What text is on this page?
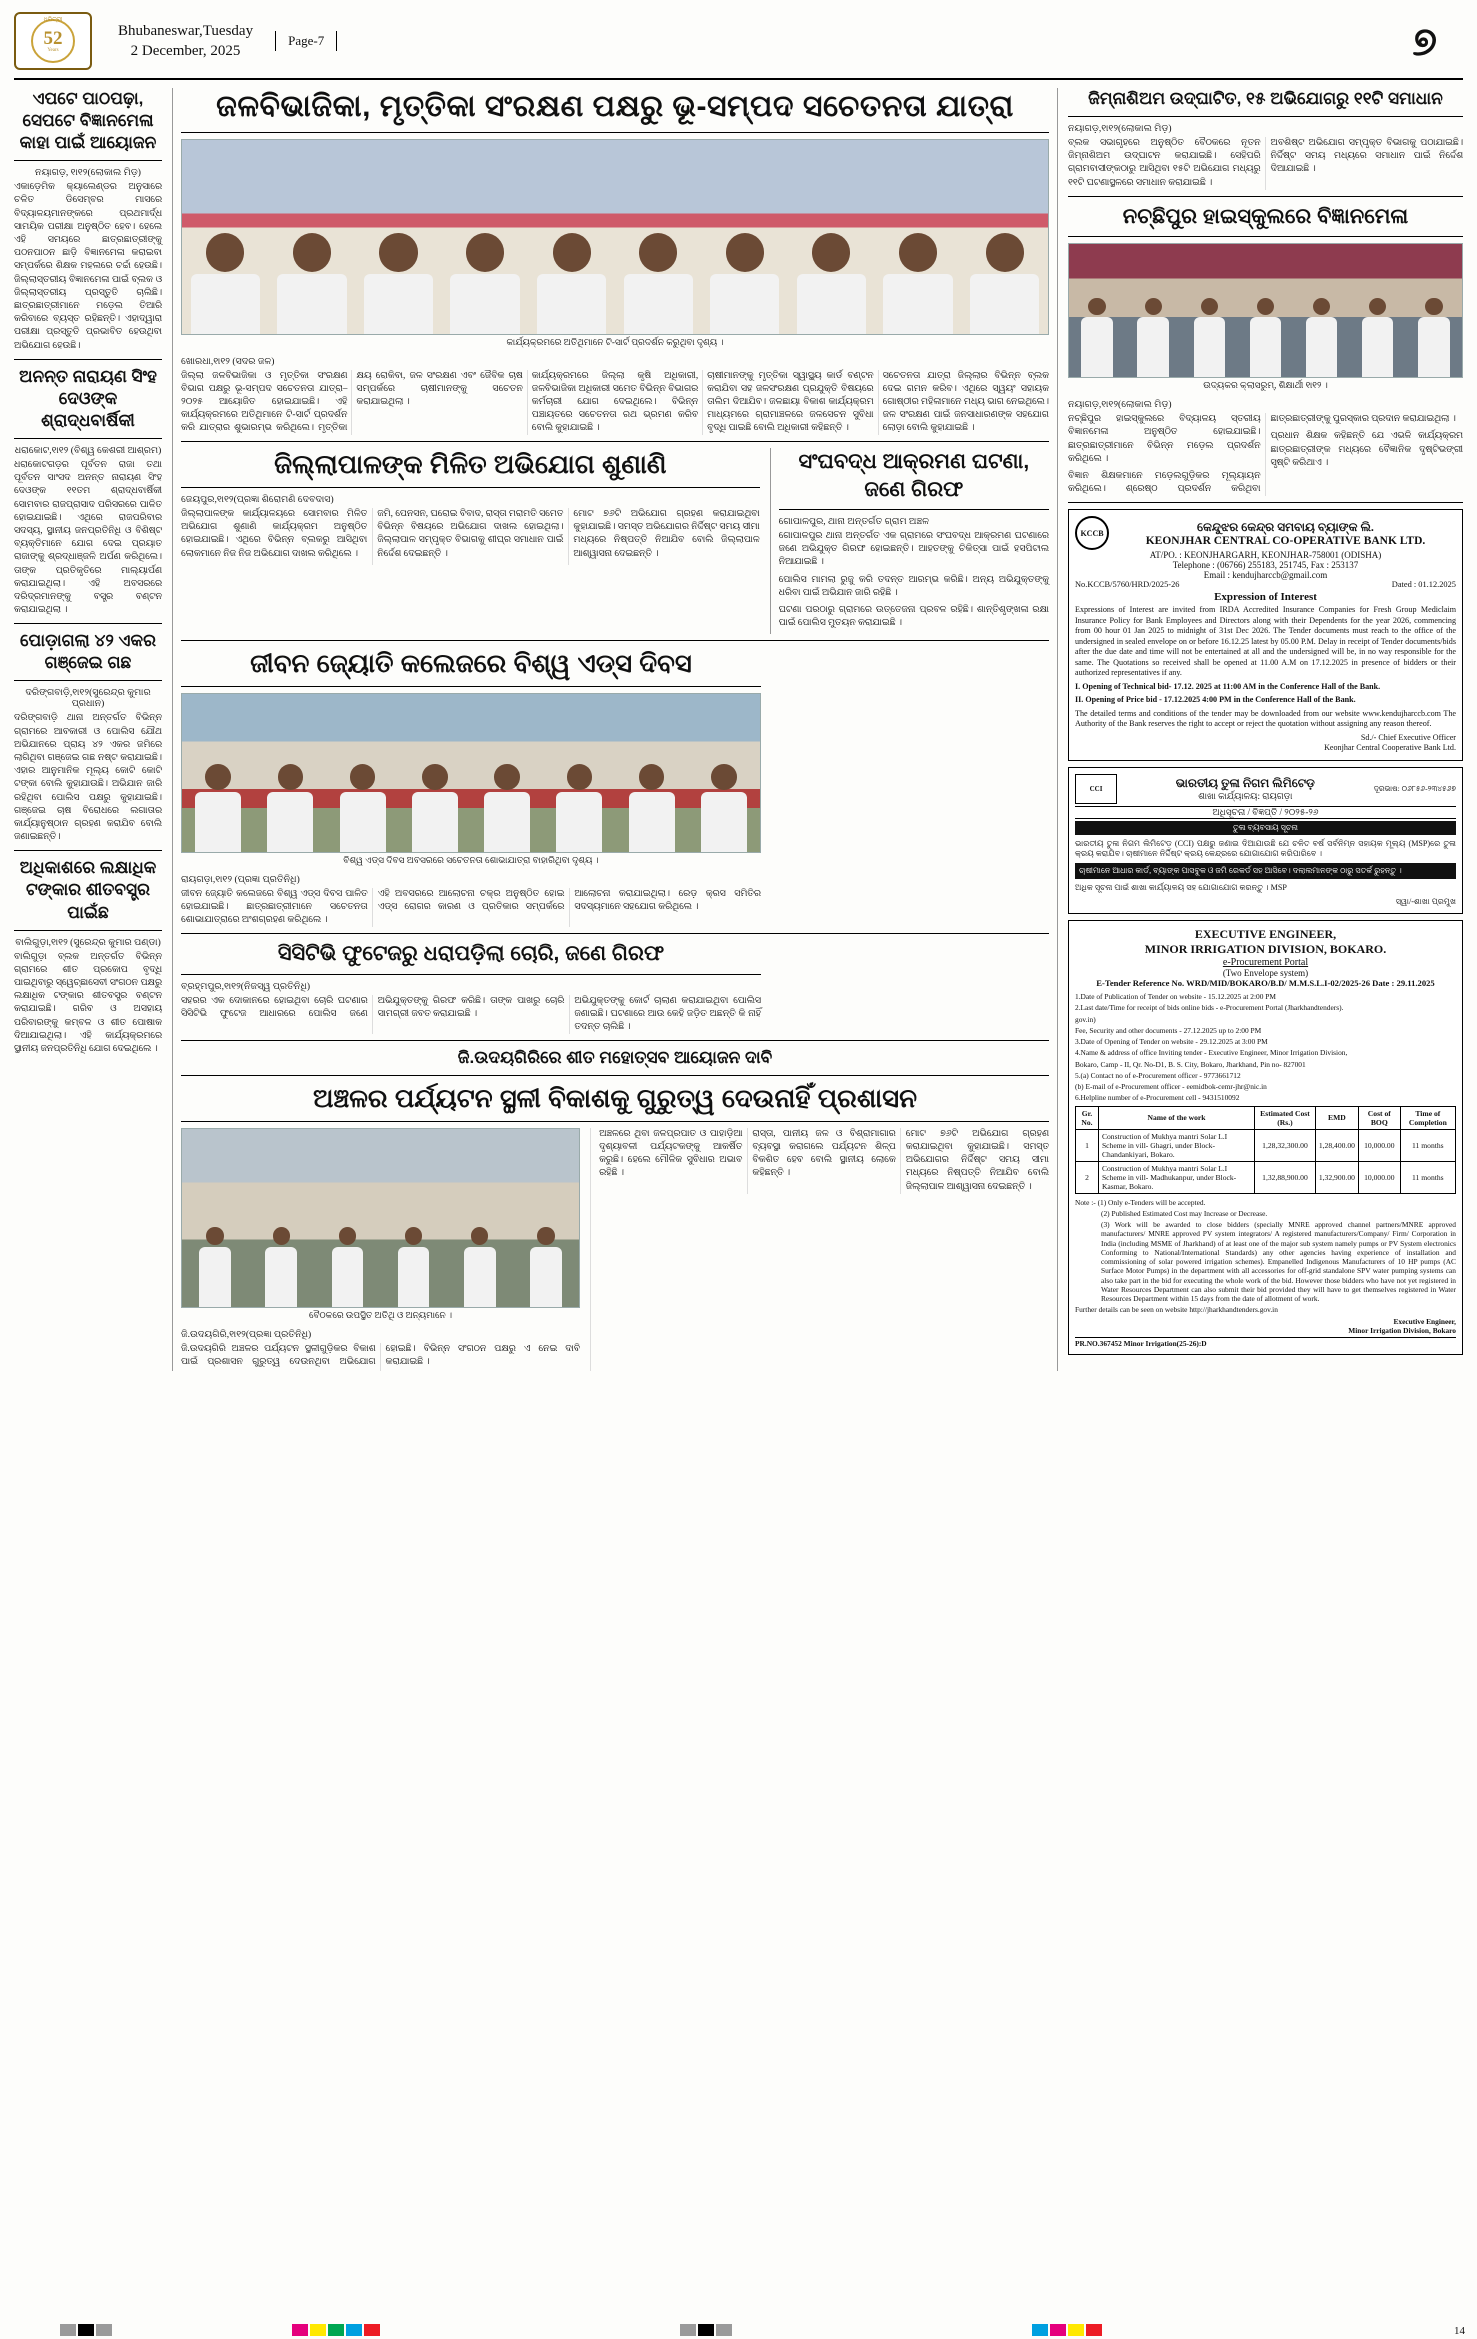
ଧରିତ୍ରୀ
52
Years
Bhubaneswar,Tuesday
2 December, 2025
Page-7	୭
ଏପଟେ ପାଠପଢ଼ା, ସେପଟେ ବିଜ୍ଞାନମେଳା କାହା ପାଇଁ ଆୟୋଜନ
ନୟାଗଡ଼, ୧ା୧୨(ଲୋକାଲ ମିଡ଼)
ଏକାଡ଼େମିକ କ୍ୟାଲେଣ୍ଡର ଅନୁସାରେ ଚଳିତ ଡିସେମ୍ବର ମାସରେ ବିଦ୍ୟାଳୟମାନଙ୍କରେ ପ୍ରଥମାର୍ଦ୍ଧ ସାମୟିକ ପରୀକ୍ଷା ଅନୁଷ୍ଠିତ ହେବ। ହେଲେ ଏହି ସମୟରେ ଛାତ୍ରଛାତ୍ରୀଙ୍କୁ ପଠନପାଠନ ଛାଡ଼ି ବିଜ୍ଞାନମେଳା କରାଇବା ସମ୍ପର୍କରେ ଶିକ୍ଷକ ମହଲରେ ଚର୍ଚ୍ଚା ହେଉଛି। ଜିଲ୍ଲାସ୍ତରୀୟ ବିଜ୍ଞାନମେଳା ପାଇଁ ବ୍ଲକ ଓ ଜିଲ୍ଲାସ୍ତରୀୟ ପ୍ରସ୍ତୁତି ଚାଲିଛି। ଛାତ୍ରଛାତ୍ରୀମାନେ ମଡ଼େଲ ତିଆରି କରିବାରେ ବ୍ୟସ୍ତ ରହିଛନ୍ତି। ଏହାଦ୍ୱାରା ପରୀକ୍ଷା ପ୍ରସ୍ତୁତି ପ୍ରଭାବିତ ହେଉଥିବା ଅଭିଯୋଗ ହେଉଛି।
ଅନନ୍ତ ନାରାୟଣ ସିଂହ ଦେଓଙ୍କ ଶ୍ରାଦ୍ଧବାର୍ଷିକୀ
ଧରାକୋଟ,୧ା୧୨ (ବିଶ୍ୱ କେଶରୀ ଆଶ୍ରମ)
ଧରାକୋଟଗଡ଼ର ପୂର୍ବତନ ରାଜା ତଥା ପୂର୍ବତନ ସାଂସଦ ଅନନ୍ତ ନାରାୟଣ ସିଂହ ଦେଓଙ୍କ ୧୧ତମ ଶ୍ରାଦ୍ଧବାର୍ଷିକୀ ସୋମବାର ରାଜପ୍ରାସାଦ ପରିସରରେ ପାଳିତ ହୋଇଯାଇଛି। ଏଥିରେ ରାଜପରିବାର ସଦସ୍ୟ, ସ୍ଥାନୀୟ ଜନପ୍ରତିନିଧି ଓ ବିଶିଷ୍ଟ ବ୍ୟକ୍ତିମାନେ ଯୋଗ ଦେଇ ପ୍ରୟାତ ରାଜାଙ୍କୁ ଶ୍ରଦ୍ଧାଞ୍ଜଳି ଅର୍ପଣ କରିଥିଲେ। ତାଙ୍କ ପ୍ରତିକୃତିରେ ମାଲ୍ୟାର୍ପଣ କରାଯାଇଥିଲା। ଏହି ଅବସରରେ ଦରିଦ୍ରମାନଙ୍କୁ ବସ୍ତ୍ର ବଣ୍ଟନ କରାଯାଇଥିଲା ।
ପୋଡ଼ାଗଲା ୪୨ ଏକର ଗଞ୍ଜେଇ ଗଛ
ଦରିଙ୍ଗବାଡ଼ି,୧ା୧୨(ସୁରେନ୍ଦ୍ର କୁମାର ପ୍ରଧାନ)
ଦରିଙ୍ଗବାଡ଼ି ଥାନା ଅନ୍ତର୍ଗତ ବିଭିନ୍ନ ଗ୍ରାମରେ ଆବକାରୀ ଓ ପୋଲିସ ଯୌଥ ଅଭିଯାନରେ ପ୍ରାୟ ୪୨ ଏକର ଜମିରେ ଲାଗିଥିବା ଗଞ୍ଜେଇ ଗଛ ନଷ୍ଟ କରାଯାଇଛି। ଏହାର ଆନୁମାନିକ ମୂଲ୍ୟ କୋଟି କୋଟି ଟଙ୍କା ବୋଲି କୁହାଯାଉଛି। ଅଭିଯାନ ଜାରି ରହିଥିବା ପୋଲିସ ପକ୍ଷରୁ କୁହାଯାଇଛି। ଗଞ୍ଜେଇ ଚାଷ ବିରୋଧରେ ଲଗାତାର କାର୍ଯ୍ୟାନୁଷ୍ଠାନ ଗ୍ରହଣ କରାଯିବ ବୋଲି ଜଣାଇଛନ୍ତି।
ଅଧିକାଶରେ ଲକ୍ଷାଧିକ ଟଙ୍କାର ଶୀତବସ୍ତ୍ର ପାଇଁଛ
ବାଲିଗୁଡ଼ା,୧ା୧୨ (ସୁରେନ୍ଦ୍ର କୁମାର ପଣ୍ଡା)
ବାଲିଗୁଡ଼ା ବ୍ଲକ ଅନ୍ତର୍ଗତ ବିଭିନ୍ନ ଗ୍ରାମରେ ଶୀତ ପ୍ରକୋପ ବୃଦ୍ଧି ପାଇଥିବାରୁ ସ୍ୱେଚ୍ଛାସେବୀ ସଂଗଠନ ପକ୍ଷରୁ ଲକ୍ଷାଧିକ ଟଙ୍କାର ଶୀତବସ୍ତ୍ର ବଣ୍ଟନ କରାଯାଇଛି। ଗରିବ ଓ ଅସହାୟ ପରିବାରଙ୍କୁ କମ୍ବଳ ଓ ଶୀତ ପୋଷାକ ଦିଆଯାଇଥିଲା। ଏହି କାର୍ଯ୍ୟକ୍ରମରେ ସ୍ଥାନୀୟ ଜନପ୍ରତିନିଧି ଯୋଗ ଦେଇଥିଲେ ।
ଜଳବିଭାଜିକା, ମୃତ୍ତିକା ସଂରକ୍ଷଣ ପକ୍ଷରୁ ଭୂ-ସମ୍ପଦ ସଚେତନତା ଯାତ୍ରା
କାର୍ଯ୍ୟକ୍ରମରେ ଅତିଥିମାନେ ଟି-ସାର୍ଟ ପ୍ରଦର୍ଶନ କରୁଥିବା ଦୃଶ୍ୟ ।
ଖୋରଧା,୧ା୧୨ (ସଦର ଜଳ)

ଜିଲ୍ଲା ଜଳବିଭାଜିକା ଓ ମୃତ୍ତିକା ସଂରକ୍ଷଣ ବିଭାଗ ପକ୍ଷରୁ ଭୂ-ସମ୍ପଦ ସଚେତନତା ଯାତ୍ରା– ୨୦୨୫ ଆୟୋଜିତ ହୋଇଯାଇଛି। ଏହି କାର୍ଯ୍ୟକ୍ରମରେ ଅତିଥିମାନେ ଟି-ସାର୍ଟ ପ୍ରଦର୍ଶନ କରି ଯାତ୍ରାର ଶୁଭାରମ୍ଭ କରିଥିଲେ। ମୃତ୍ତିକା କ୍ଷୟ ରୋକିବା, ଜଳ ସଂରକ୍ଷଣ ଏବଂ ଜୈବିକ ଚାଷ ସମ୍ପର୍କରେ ଚାଷୀମାନଙ୍କୁ ସଚେତନ କରାଯାଇଥିଲା ।

କାର୍ଯ୍ୟକ୍ରମରେ ଜିଲ୍ଲା କୃଷି ଅଧିକାରୀ, ଜଳବିଭାଜିକା ଅଧିକାରୀ ସମେତ ବିଭିନ୍ନ ବିଭାଗର କର୍ମଚାରୀ ଯୋଗ ଦେଇଥିଲେ। ବିଭିନ୍ନ ପଞ୍ଚାୟତରେ ସଚେତନତା ରଥ ଭ୍ରମଣ କରିବ ବୋଲି କୁହାଯାଇଛି ।

ଚାଷୀମାନଙ୍କୁ ମୃତ୍ତିକା ସ୍ୱାସ୍ଥ୍ୟ କାର୍ଡ ବଣ୍ଟନ କରାଯିବା ସହ ଜଳସଂରକ୍ଷଣ ପ୍ରଯୁକ୍ତି ବିଷୟରେ ତାଲିମ ଦିଆଯିବ। ଜଳଛାୟା ବିକାଶ କାର୍ଯ୍ୟକ୍ରମ ମାଧ୍ୟମରେ ଗ୍ରାମାଞ୍ଚଳରେ ଜଳସେଚନ ସୁବିଧା ବୃଦ୍ଧି ପାଇଛି ବୋଲି ଅଧିକାରୀ କହିଛନ୍ତି ।

ସଚେତନତା ଯାତ୍ରା ଜିଲ୍ଲାର ବିଭିନ୍ନ ବ୍ଲକ ଦେଇ ଗମନ କରିବ। ଏଥିରେ ସ୍ୱୟଂ ସହାୟକ ଗୋଷ୍ଠୀର ମହିଳାମାନେ ମଧ୍ୟ ଭାଗ ନେଇଥିଲେ। ଜଳ ସଂରକ୍ଷଣ ପାଇଁ ଜନସାଧାରଣଙ୍କ ସହଯୋଗ ଲୋଡ଼ା ବୋଲି କୁହାଯାଇଛି ।

ଜିଲ୍ଲାପାଳଙ୍କ ମିଳିତ ଅଭିଯୋଗ ଶୁଣାଣି
ଜେୟପୁର,୧ା୧୨(ପ୍ରଜ୍ଞା ଶିରୋମଣି ଦେବଦାସ)

ଜିଲ୍ଲାପାଳଙ୍କ କାର୍ଯ୍ୟାଳୟରେ ସୋମବାର ମିଳିତ ଅଭିଯୋଗ ଶୁଣାଣି କାର୍ଯ୍ୟକ୍ରମ ଅନୁଷ୍ଠିତ ହୋଇଯାଇଛି। ଏଥିରେ ବିଭିନ୍ନ ବ୍ଲକରୁ ଆସିଥିବା ଲୋକମାନେ ନିଜ ନିଜ ଅଭିଯୋଗ ଦାଖଲ କରିଥିଲେ ।

ଜମି, ପେନସନ, ଘରୋଇ ବିବାଦ, ରାସ୍ତା ମରାମତି ସମେତ ବିଭିନ୍ନ ବିଷୟରେ ଅଭିଯୋଗ ଦାଖଲ ହୋଇଥିଲା। ଜିଲ୍ଲାପାଳ ସମ୍ପୃକ୍ତ ବିଭାଗକୁ ଶୀଘ୍ର ସମାଧାନ ପାଇଁ ନିର୍ଦ୍ଦେଶ ଦେଇଛନ୍ତି ।

ମୋଟ ୭୬ଟି ଅଭିଯୋଗ ଗ୍ରହଣ କରାଯାଇଥିବା କୁହାଯାଇଛି। ସମସ୍ତ ଅଭିଯୋଗର ନିର୍ଦ୍ଦିଷ୍ଟ ସମୟ ସୀମା ମଧ୍ୟରେ ନିଷ୍ପତ୍ତି ନିଆଯିବ ବୋଲି ଜିଲ୍ଲାପାଳ ଆଶ୍ୱାସନା ଦେଇଛନ୍ତି ।

ସଂଘବଦ୍ଧ ଆକ୍ରମଣ ଘଟଣା, ଜଣେ ଗିରଫ
ଗୋପାଳପୁର, ଥାନା ଅନ୍ତର୍ଗତ ଗ୍ରାମ ଅଞ୍ଚଳ

ଗୋପାଳପୁର ଥାନା ଅନ୍ତର୍ଗତ ଏକ ଗ୍ରାମରେ ସଂଘବଦ୍ଧ ଆକ୍ରମଣ ଘଟଣାରେ ଜଣେ ଅଭିଯୁକ୍ତ ଗିରଫ ହୋଇଛନ୍ତି। ଆହତଙ୍କୁ ଚିକିତ୍ସା ପାଇଁ ହସପିଟାଲ ନିଆଯାଇଛି ।

ପୋଲିସ ମାମଲା ରୁଜୁ କରି ତଦନ୍ତ ଆରମ୍ଭ କରିଛି। ଅନ୍ୟ ଅଭିଯୁକ୍ତଙ୍କୁ ଧରିବା ପାଇଁ ଅଭିଯାନ ଜାରି ରହିଛି ।

ଘଟଣା ପରଠାରୁ ଗ୍ରାମରେ ଉତ୍ତେଜନା ପ୍ରବଳ ରହିଛି। ଶାନ୍ତିଶୃଙ୍ଖଳା ରକ୍ଷା ପାଇଁ ପୋଲିସ ମୁତୟନ କରାଯାଇଛି ।

ଜୀବନ ଜ୍ୟୋତି କଲେଜରେ ବିଶ୍ୱ ଏଡ୍ସ ଦିବସ
ବିଶ୍ୱ ଏଡ୍ସ ଦିବସ ଅବସରରେ ସଚେତନତା ଶୋଭାଯାତ୍ରା ବାହାରିଥିବା ଦୃଶ୍ୟ ।
ରାୟଗଡ଼ା,୧ା୧୨ (ପ୍ରଜ୍ଞା ପ୍ରତିନିଧି)

ଜୀବନ ଜ୍ୟୋତି କଲେଜରେ ବିଶ୍ୱ ଏଡ୍ସ ଦିବସ ପାଳିତ ହୋଇଯାଇଛି। ଛାତ୍ରଛାତ୍ରୀମାନେ ସଚେତନତା ଶୋଭାଯାତ୍ରାରେ ଅଂଶଗ୍ରହଣ କରିଥିଲେ ।

ଏହି ଅବସରରେ ଆଲୋଚନା ଚକ୍ର ଅନୁଷ୍ଠିତ ହୋଇ ଏଡ୍ସ ରୋଗର କାରଣ ଓ ପ୍ରତିକାର ସମ୍ପର୍କରେ ଆଲୋଚନା କରାଯାଇଥିଲା। ରେଡ଼ କ୍ରସ ସମିତିର ସଦସ୍ୟମାନେ ସହଯୋଗ କରିଥିଲେ ।

ସିସିଟିଭି ଫୁଟେଜରୁ ଧରାପଡ଼ିଲା ଚୋରି, ଜଣେ ଗିରଫ
ବ୍ରହ୍ମପୁର,୧ା୧୨(ନିଜସ୍ୱ ପ୍ରତିନିଧି)

ସହରର ଏକ ଦୋକାନରେ ହୋଇଥିବା ଚୋରି ଘଟଣାର ସିସିଟିଭି ଫୁଟେଜ ଆଧାରରେ ପୋଲିସ ଜଣେ ଅଭିଯୁକ୍ତଙ୍କୁ ଗିରଫ କରିଛି। ତାଙ୍କ ପାଖରୁ ଚୋରି ସାମଗ୍ରୀ ଜବତ କରାଯାଇଛି ।

ଅଭିଯୁକ୍ତଙ୍କୁ କୋର୍ଟ ଚାଲାଣ କରାଯାଇଥିବା ପୋଲିସ ଜଣାଇଛି। ଘଟଣାରେ ଆଉ କେହି ଜଡ଼ିତ ଅଛନ୍ତି କି ନାହିଁ ତଦନ୍ତ ଚାଲିଛି ।

ଜି.ଉଦୟଗିରିରେ ଶୀତ ମହୋତ୍ସବ ଆୟୋଜନ ଦାବି
ଅଞ୍ଚଳର ପର୍ଯ୍ୟଟନ ସ୍ଥଳୀ ବିକାଶକୁ ଗୁରୁତ୍ୱ ଦେଉନାହିଁ ପ୍ରଶାସନ
ବୈଠକରେ ଉପସ୍ଥିତ ଅତିଥି ଓ ଅନ୍ୟମାନେ ।
ଜି.ଉଦୟଗିରି,୧ା୧୨(ପ୍ରଜ୍ଞା ପ୍ରତିନିଧି)

ଜି.ଉଦୟଗିରି ଅଞ୍ଚଳର ପର୍ଯ୍ୟଟନ ସ୍ଥଳୀଗୁଡ଼ିକର ବିକାଶ ପାଇଁ ପ୍ରଶାସନ ଗୁରୁତ୍ୱ ଦେଉନଥିବା ଅଭିଯୋଗ ହୋଇଛି। ବିଭିନ୍ନ ସଂଗଠନ ପକ୍ଷରୁ ଏ ନେଇ ଦାବି କରାଯାଇଛି ।

ଅଞ୍ଚଳରେ ଥିବା ଜଳପ୍ରପାତ ଓ ପାହାଡ଼ିଆ ଦୃଶ୍ୟାବଳୀ ପର୍ଯ୍ୟଟକଙ୍କୁ ଆକର୍ଷିତ କରୁଛି। ହେଲେ ମୌଳିକ ସୁବିଧାର ଅଭାବ ରହିଛି ।

ରାସ୍ତା, ପାନୀୟ ଜଳ ଓ ବିଶ୍ରାମାଗାର ବ୍ୟବସ୍ଥା କରାଗଲେ ପର୍ଯ୍ୟଟନ ଶିଳ୍ପ ବିକଶିତ ହେବ ବୋଲି ସ୍ଥାନୀୟ ଲୋକେ କହିଛନ୍ତି ।

ମୋଟ ୭୬ଟି ଅଭିଯୋଗ ଗ୍ରହଣ କରାଯାଇଥିବା କୁହାଯାଇଛି। ସମସ୍ତ ଅଭିଯୋଗର ନିର୍ଦ୍ଦିଷ୍ଟ ସମୟ ସୀମା ମଧ୍ୟରେ ନିଷ୍ପତ୍ତି ନିଆଯିବ ବୋଲି ଜିଲ୍ଲାପାଳ ଆଶ୍ୱାସନା ଦେଇଛନ୍ତି ।

ଜିମ୍ନାଶିଅମ ଉଦ୍‌ଘାଟିତ, ୧୫ ଅଭିଯୋଗରୁ ୧୧ଟି ସମାଧାନ
ନୟାଗଡ଼,୧ା୧୨(ଲୋକାଲ ମିଡ଼)

ବ୍ଲକ ସଭାଗୃହରେ ଅନୁଷ୍ଠିତ ବୈଠକରେ ନୂତନ ଜିମ୍ନାଶିଅମ ଉଦ୍‌ଘାଟନ କରାଯାଇଛି। ସେହିପରି ଗ୍ରାମବାସୀଙ୍କଠାରୁ ଆସିଥିବା ୧୫ଟି ଅଭିଯୋଗ ମଧ୍ୟରୁ ୧୧ଟି ଘଟଣାସ୍ଥଳରେ ସମାଧାନ କରାଯାଇଛି ।

ଅବଶିଷ୍ଟ ଅଭିଯୋଗ ସମ୍ପୃକ୍ତ ବିଭାଗକୁ ପଠାଯାଇଛି। ନିର୍ଦ୍ଦିଷ୍ଟ ସମୟ ମଧ୍ୟରେ ସମାଧାନ ପାଇଁ ନିର୍ଦ୍ଦେଶ ଦିଆଯାଇଛି ।

ନଚ୍ଛିପୁର ହାଇସ୍କୁଲରେ ବିଜ୍ଞାନମେଳା
ଉଦ୍ୟକର କ୍ଲାସରୁମ୍, ଶିକ୍ଷାର୍ଥୀ ୧ା୧୨ ।
ନୟାଗଡ଼,୧ା୧୨(ଲୋକାଲ ମିଡ଼)

ନଚ୍ଛିପୁର ହାଇସ୍କୁଲରେ ବିଦ୍ୟାଳୟ ସ୍ତରୀୟ ବିଜ୍ଞାନମେଳା ଅନୁଷ୍ଠିତ ହୋଇଯାଇଛି। ଛାତ୍ରଛାତ୍ରୀମାନେ ବିଭିନ୍ନ ମଡ଼େଲ ପ୍ରଦର୍ଶନ କରିଥିଲେ ।

ବିଜ୍ଞାନ ଶିକ୍ଷକମାନେ ମଡ଼େଲଗୁଡ଼ିକର ମୂଲ୍ୟାୟନ କରିଥିଲେ। ଶ୍ରେଷ୍ଠ ପ୍ରଦର୍ଶନ କରିଥିବା ଛାତ୍ରଛାତ୍ରୀଙ୍କୁ ପୁରସ୍କାର ପ୍ରଦାନ କରାଯାଇଥିଲା ।

ପ୍ରଧାନ ଶିକ୍ଷକ କହିଛନ୍ତି ଯେ ଏଭଳି କାର୍ଯ୍ୟକ୍ରମ ଛାତ୍ରଛାତ୍ରୀଙ୍କ ମଧ୍ୟରେ ବୈଜ୍ଞାନିକ ଦୃଷ୍ଟିଭଙ୍ଗୀ ସୃଷ୍ଟି କରିଥାଏ ।

KCCB	କେନ୍ଦୁଝର କେନ୍ଦ୍ର ସମବାୟ ବ୍ୟାଙ୍କ ଲି.
KEONJHAR CENTRAL CO-OPERATIVE BANK LTD.
AT/PO. : KEONJHARGARH, KEONJHAR-758001 (ODISHA)
Telephone : (06766) 255183, 251745, Fax : 253137
Email : kendujharccb@gmail.com
No.KCCB/5760/HRD/2025-26	Dated : 01.12.2025
Expression of Interest

Expressions of Interest are invited from IRDA Accredited Insurance Companies for Fresh Group Mediclaim Insurance Policy for Bank Employees and Directors along with their Dependents for the year 2026, commencing from 00 hour 01 Jan 2025 to midnight of 31st Dec 2026. The Tender documents must reach to the office of the undersigned in sealed envelope on or before 16.12.25 latest by 05.00 P.M. Delay in receipt of Tender documents/bids after the due date and time will not be entertained at all and the undersigned will be, in no way responsible for the same. The Quotations so received shall be opened at 11.00 A.M on 17.12.2025 in presence of bidders or their authorized representatives if any.

I. Opening of Technical bid- 17.12. 2025 at 11:00 AM in the Conference Hall of the Bank.

II. Opening of Price bid - 17.12.2025 4:00 PM in the Conference Hall of the Bank.

The detailed terms and conditions of the tender may be downloaded from our website www.kendujharccb.com The Authority of the Bank reserves the right to accept or reject the quotation without assigning any reason thereof.

Sd./- Chief Executive Officer
Keonjhar Central Cooperative Bank Ltd.
CCI	ଭାରତୀୟ ତୁଳା ନିଗମ ଲିମିଟେଡ଼
ଶାଖା କାର୍ଯ୍ୟାଳୟ: ରାୟଗଡ଼ା
ଦୂରଭାଷ: ୦୬୮୫୬-୨୩୪୫୬୭
ଅଧିସୂଚନା / ବିଜ୍ଞପ୍ତି / ୨୦୨୫-୨୬
ତୁଳା ବ୍ୟବସାୟ ସୂଚନା

ଭାରତୀୟ ତୁଳା ନିଗମ ଲିମିଟେଡ଼ (CCI) ପକ୍ଷରୁ ଜଣାଇ ଦିଆଯାଉଛି ଯେ ଚଳିତ ବର୍ଷ ସର୍ବନିମ୍ନ ସହାୟକ ମୂଲ୍ୟ (MSP)ରେ ତୁଳା କ୍ରୟ କରାଯିବ। ଚାଷୀମାନେ ନିର୍ଦ୍ଦିଷ୍ଟ କ୍ରୟ କେନ୍ଦ୍ରରେ ଯୋଗାଯୋଗ କରିପାରିବେ ।

ଚାଷୀମାନେ ଆଧାର କାର୍ଡ, ବ୍ୟାଙ୍କ ପାସବୁକ ଓ ଜମି ରେକର୍ଡ ସହ ଆସିବେ। ଦଲାଲମାନଙ୍କ ଠାରୁ ସତର୍କ ରୁହନ୍ତୁ ।

ଅଧିକ ସୂଚନା ପାଇଁ ଶାଖା କାର୍ଯ୍ୟାଳୟ ସହ ଯୋଗାଯୋଗ କରନ୍ତୁ । MSP

ସ୍ୱା/-ଶାଖା ପ୍ରମୁଖ
EXECUTIVE ENGINEER,
MINOR IRRIGATION DIVISION, BOKARO.
e-Procurement Portal
(Two Envelope system)
E-Tender Reference No. WRD/MID/BOKARO/B.D/ M.M.S.L.I-02/2025-26 Date : 29.11.2025

1.Date of Publication of Tender on website - 15.12.2025 at 2:00 PM

2.Last date/Time for receipt of bids online bids - e-Procurement Portal (Jharkhandtenders).

gov.in)

Fee, Security and other documents - 27.12.2025 up to 2:00 PM

3.Date of Opening of Tender on website - 29.12.2025 at 3:00 PM

4.Name & address of office Inviting tender - Executive Engineer, Minor Irrigation Division,

Bokaro, Camp - II, Qr. No-D1, B. S. City, Bokaro, Jharkhand, Pin no- 827001

5.(a) Contact no of e-Procurement officer - 9773661712

(b) E-mail of e-Procurement officer - eemidbok-cemr-jhr@nic.in

6.Helpline number of e-Procurement cell - 9431510092

Gr. No.	Name of the work	Estimated Cost (Rs.)	EMD	Cost of BOQ	Time of Completion
1	Construction of Mukhya mantri Solar L.I Scheme in vill- Ghagri, under Block-Chandankiyari, Bokaro.	1,28,32,300.00	1,28,400.00	10,000.00	11 months
2	Construction of Mukhya mantri Solar L.I Scheme in vill- Madhukanpur, under Block-Kasmar, Bokaro.	1,32,88,900.00	1,32,900.00	10,000.00	11 months

Note :- (1) Only e-Tenders will be accepted.

(2) Published Estimated Cost may Increase or Decrease.

(3) Work will be awarded to close bidders (specially MNRE approved channel partners/MNRE approved manufacturers/ MNRE approved PV system integrators/ A registered manufacturers/Company/ Firm/ Corporation in India (including MSME of Jharkhand) of at least one of the major sub system namely pumps or PV System electronics Conforming to National/International Standards) any other agencies having experience of installation and commissioning of solar powered irrigation schemes). Empanelled Indigenous Manufacturers of 10 HP pumps (AC Surface Motor Pumps) in the department with all accessories for off-grid standalone SPV water pumping systems can also take part in the bid for executing the whole work of the bid. However those bidders who have not yet registered in Water Resources Department can also submit their bid provided they will have to get themselves registered in Water Resources Department within 15 days from the date of allotment of work.

Further details can be seen on website http://jharkhandtenders.gov.in

Executive Engineer,
Minor Irrigation Division, Bokaro
PR.NO.367452 Minor Irrigation(25-26):D
14
